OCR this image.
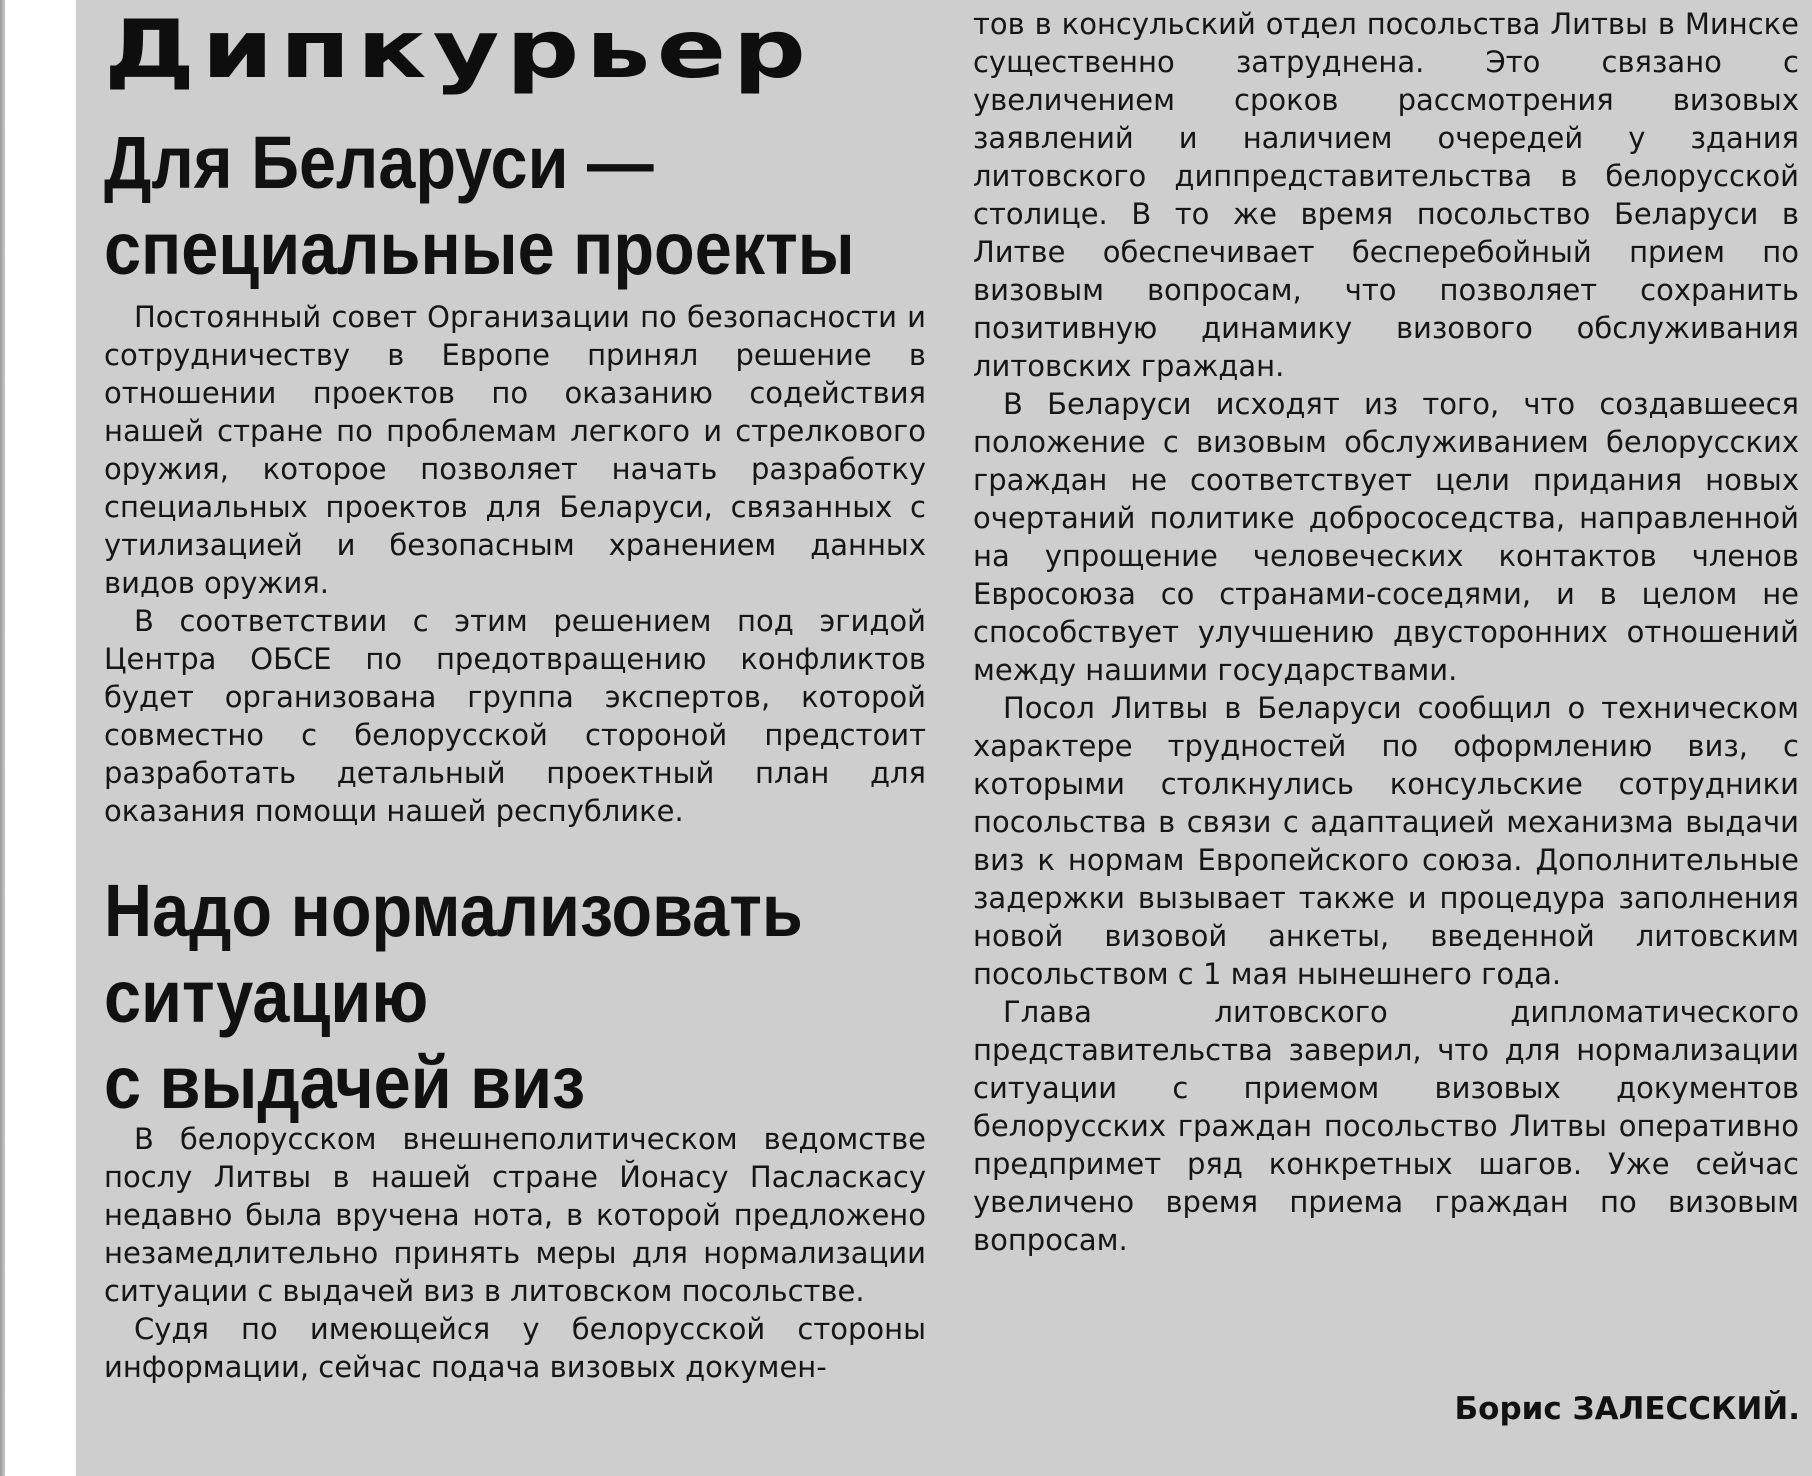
Дипкурьер
Для Беларуси —
специальные проекты

Постоянный совет Организации по безопасности и сотрудничеству в Европе принял решение в отношении проектов по оказанию содействия нашей стране по проблемам легкого и стрелкового оружия, которое позволяет начать разработку специальных проектов для Беларуси, связанных с утилизацией и безопасным хранением данных видов оружия.

В соответствии с этим решением под эгидой Центра ОБСЕ по предотвращению конфликтов будет организована группа экспертов, которой совместно с белорусской стороной предстоит разработать детальный проектный план для оказания помощи нашей республике.

Надо нормализовать
ситуацию
с выдачей виз

В белорусском внешнеполитическом ведомстве послу Литвы в нашей стране Йонасу Пасласкасу недавно была вручена нота, в которой предложено незамедлительно принять меры для нормализации ситуации с выдачей виз в литовском посольстве.

Судя по имеющейся у белорусской стороны информации, сейчас подача визовых докумен-

тов в консульский отдел посольства Литвы в Минске существенно затруднена. Это связано с увеличением сроков рассмотрения визовых заявлений и наличием очередей у здания литовского диппредставительства в белорусской столице. В то же время посольство Беларуси в Литве обеспечивает бесперебойный прием по визовым вопросам, что позволяет сохранить позитивную динамику визового обслуживания литовских граждан.

В Беларуси исходят из того, что создавшееся положение с визовым обслуживанием белорусских граждан не соответствует цели придания новых очертаний политике добрососедства, направленной на упрощение человеческих контактов членов Евросоюза со странами-соседями, и в целом не способствует улучшению двусторонних отношений между нашими государствами.

Посол Литвы в Беларуси сообщил о техническом характере трудностей по оформлению виз, с которыми столкнулись консульские сотрудники посольства в связи с адаптацией механизма выдачи виз к нормам Европейского союза. Дополнительные задержки вызывает также и процедура заполнения новой визовой анкеты, введенной литовским посольством с 1 мая нынешнего года.

Глава литовского дипломатического представительства заверил, что для нормализации ситуации с приемом визовых документов белорусских граждан посольство Литвы оперативно предпримет ряд конкретных шагов. Уже сейчас увеличено время приема граждан по визовым вопросам.

Борис ЗАЛЕССКИЙ.
